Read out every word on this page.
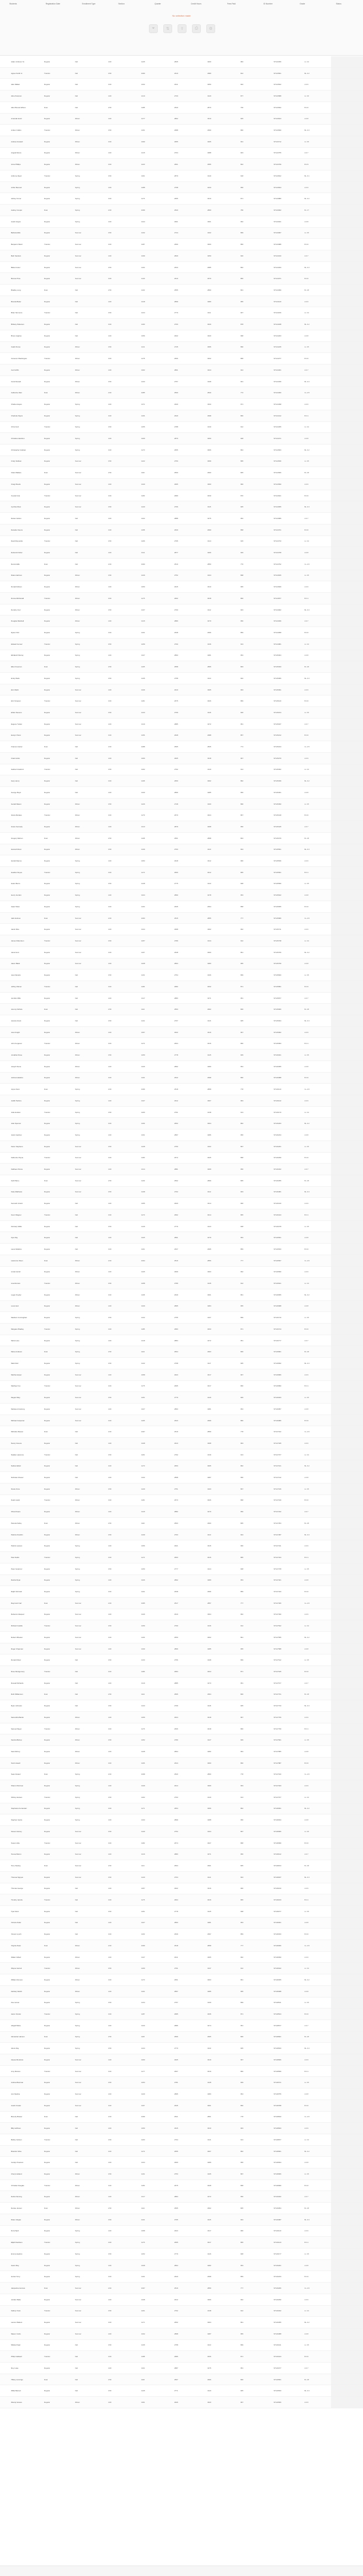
Students	Registration Date	Enrollment Type	Section	Quarter	Credit Hours	Fees Paid	ID Number	Grade	Status
No selection made
⏷	⇅	⇪	⎙	⚙
Adam Johnson Sr.	Regular	Fall	4.00	1245	2845	3200	984	ST123456	A- 3.4
Agnes Smith Jr.	Transfer	Fall	3.50	1090	2610	2980	812	ST123501	B+ 3.2
Alan Walker	Regular	Fall	3.00	1332	2911	3050	902	ST123522	A 3.9
Alice Peterson	Regular	Fall	4.00	1410	2733	3120	877	ST123588	A- 3.6
Allen Brooks Wilson	Dual	Fall	2.50	1188	2540	2870	790	ST123602	B 3.0
Amanda Grant	Regular	Winter	4.00	1277	2802	3310	945	ST123644	A 3.8
Amber Collins	Transfer	Winter	3.50	1154	2688	2990	866	ST123690	B+ 3.3
Andrew Howard	Regular	Winter	3.00	1390	2955	3205	931	ST123712	A- 3.5
Angela Moore	Regular	Winter	4.00	1215	2764	3088	903	ST123755	A 3.7
Anna Phillips	Regular	Winter	3.00	1120	2601	2955	842	ST123799	B 2.9
Anthony Reed	Transfer	Spring	3.50	1301	2870	3140	918	ST123812	B+ 3.1
Arthur Bennett	Regular	Spring	4.00	1288	2798	3233	950	ST123844	A 3.9
Ashley Turner	Regular	Spring	3.00	1176	2655	3010	871	ST123880	B+ 3.2
Audrey Cooper	Dual	Spring	2.00	1099	2520	2860	780	ST123902	B- 2.7
Austin Hayes	Regular	Spring	4.00	1344	2901	3301	962	ST123941	A 3.8
Barbara Ellis	Regular	Summer	3.50	1232	2744	3102	899	ST123967	A- 3.5
Benjamin Ward	Transfer	Summer	3.00	1187	2690	3000	856	ST123988	B 3.0
Beth Sanders	Regular	Summer	4.00	1299	2840	3250	940	ST124010	A 3.7
Blake Foster	Regular	Summer	3.50	1160	2633	2985	862	ST124033	B+ 3.3
Bonnie Price	Regular	Summer	3.00	1140	2610	2970	850	ST124071	B 3.0
Bradley Long	Dual	Fall	2.50	1102	2555	2890	801	ST124099	B- 2.8
Brenda Butler	Regular	Fall	4.00	1318	2899	3280	955	ST124120	A 3.9
Brian Simmons	Transfer	Fall	3.50	1244	2770	3111	907	ST124156	A- 3.4
Brittany Patterson	Regular	Fall	3.00	1190	2700	3040	878	ST124188	B+ 3.2
Bruce Hughes	Regular	Fall	4.00	1356	2922	3320	968	ST124203	A 3.8
Caleb Flores	Regular	Winter	3.50	1211	2745	3095	890	ST124245	A- 3.5
Cameron Washington	Transfer	Winter	3.00	1178	2666	3022	868	ST124277	B 3.0
Carl Griffin	Regular	Winter	4.00	1302	2861	3244	944	ST124301	A 3.7
Carol Russell	Regular	Winter	3.50	1233	2757	3108	901	ST124339	B+ 3.3
Catherine Diaz	Dual	Winter	2.00	1085	2500	2840	772	ST124360	C+ 2.5
Charles Hayes	Regular	Spring	4.00	1371	2940	3333	971	ST124398	A 3.9
Charlotte Myers	Regular	Spring	3.00	1166	2640	2998	860	ST124412	B 3.1
Chris Ford	Transfer	Spring	3.50	1255	2788	3130	912	ST124455	A- 3.4
Christina Hamilton	Regular	Spring	4.00	1309	2870	3260	948	ST124471	A 3.8
Christopher Graham	Regular	Spring	3.00	1170	2655	3006	864	ST124503	B+ 3.2
Cindy Sullivan	Regular	Summer	3.50	1222	2750	3099	895	ST124536	A- 3.5
Clara Wallace	Dual	Summer	2.50	1110	2560	2900	805	ST124566	B- 2.8
Craig Woods	Regular	Summer	4.00	1340	2905	3300	960	ST124590	A 3.9
Crystal Cole	Transfer	Summer	3.00	1183	2680	3030	870	ST124621	B 3.0
Cynthia West	Regular	Summer	3.50	1240	2766	3115	905	ST124655	B+ 3.3
Daniel Jordan	Regular	Fall	4.00	1322	2888	3275	952	ST124689	A 3.7
Danielle Owens	Regular	Fall	3.00	1158	2630	2990	858	ST124701	B 3.0
David Reynolds	Transfer	Fall	3.50	1266	2795	3144	915	ST124733	A- 3.4
Deborah Fisher	Regular	Fall	4.00	1311	2877	3266	949	ST124768	A 3.8
Dennis Ellis	Dual	Fall	2.00	1090	2510	2850	776	ST124792	C+ 2.6
Diana Harrison	Regular	Winter	3.50	1229	2752	3104	898	ST124815	A- 3.5
Donald Gibson	Regular	Winter	4.00	1350	2915	3310	965	ST124849	A 3.9
Donna McDonald	Transfer	Winter	3.00	1175	2662	3018	866	ST124877	B 3.1
Dorothy Cruz	Regular	Winter	3.50	1237	2760	3112	903	ST124902	B+ 3.3
Douglas Marshall	Regular	Winter	4.00	1315	2880	3270	950	ST124936	A 3.7
Dylan Ortiz	Regular	Spring	3.00	1162	2638	2996	859	ST124958	B 3.0
Edward Gomez	Transfer	Spring	3.50	1259	2790	3136	913	ST124981	A- 3.4
Elizabeth Murray	Regular	Spring	4.00	1327	2893	3281	954	ST125004	A 3.8
Ellen Freeman	Dual	Spring	2.50	1105	2558	2895	803	ST125033	B- 2.8
Emily Wells	Regular	Spring	3.50	1235	2758	3110	902	ST125066	B+ 3.3
Eric Webb	Regular	Summer	4.00	1346	2910	3305	963	ST125091	A 3.9
Erin Simpson	Transfer	Summer	3.00	1181	2675	3026	869	ST125120	B 3.0
Ethan Stevens	Regular	Summer	3.50	1243	2769	3118	906	ST125154	A- 3.5
Eugene Tucker	Regular	Summer	4.00	1319	2885	3272	951	ST125187	A 3.7
Evelyn Porter	Regular	Summer	3.00	1156	2628	2988	857	ST125212	B 3.0
Frances Hunter	Dual	Fall	2.00	1088	2505	2845	774	ST125244	C+ 2.5
Frank Hicks	Regular	Fall	4.00	1360	2925	3318	967	ST125270	A 3.9
Gabriel Crawford	Transfer	Fall	3.50	1262	2792	3140	914	ST125302	A- 3.4
Gary Henry	Regular	Fall	3.00	1168	2650	3002	862	ST125339	B+ 3.2
George Boyd	Regular	Fall	4.00	1330	2896	3285	956	ST125361	A 3.8
Gerald Mason	Regular	Winter	3.50	1226	2748	3100	896	ST125390	A- 3.5
Gloria Morales	Transfer	Winter	3.00	1179	2670	3024	867	ST125418	B 3.0
Grace Kennedy	Regular	Winter	4.00	1313	2879	3268	950	ST125445	A 3.7
Gregory Warren	Dual	Winter	2.50	1108	2561	2898	804	ST125479	B- 2.8
Hannah Dixon	Regular	Winter	3.50	1239	2763	3113	904	ST125501	B+ 3.3
Harold Ramos	Regular	Spring	4.00	1353	2918	3312	966	ST125536	A 3.9
Heather Reyes	Transfer	Spring	3.00	1172	2660	3012	865	ST125561	B 3.1
Helen Burns	Regular	Spring	3.50	1248	2775	3122	908	ST125590	A- 3.5
Henry Gordon	Regular	Spring	4.00	1324	2890	3278	953	ST125622	A 3.8
Isaac Shaw	Regular	Spring	3.00	1160	2635	2994	858	ST125655	B 3.0
Jack Holmes	Dual	Summer	2.00	1093	2515	2855	777	ST125680	C+ 2.6
Jacob Rice	Regular	Summer	4.00	1344	2908	3302	962	ST125711	A 3.9
James Robertson	Transfer	Summer	3.50	1257	2789	3134	912	ST125738	A- 3.4
Janet Hunt	Regular	Summer	3.00	1167	2648	3000	861	ST125766	B+ 3.2
Jason Black	Regular	Summer	4.00	1328	2894	3283	955	ST125799	A 3.8
Jean Daniels	Regular	Fall	3.50	1231	2754	3106	899	ST125820	A- 3.5
Jeffrey Palmer	Transfer	Fall	3.00	1184	2682	3032	871	ST125851	B 3.0
Jennifer Mills	Regular	Fall	4.00	1317	2883	3271	951	ST125877	A 3.7
Jeremy Nichols	Dual	Fall	2.50	1112	2563	2902	806	ST125906	B- 2.8
Jessica Grant	Regular	Fall	3.50	1241	2767	3116	905	ST125934	B+ 3.3
Joan Knight	Regular	Winter	4.00	1357	2922	3316	967	ST125962	A 3.9
John Ferguson	Transfer	Winter	3.00	1174	2664	3016	866	ST125993	B 3.1
Jonathan Rose	Regular	Winter	3.50	1250	2778	3125	909	ST126021	A- 3.5
Joseph Stone	Regular	Winter	4.00	1326	2892	3280	954	ST126055	A 3.8
Joshua Hawkins	Regular	Winter	3.00	1164	2642	2998	860	ST126088	B 3.0
Joyce Dunn	Dual	Spring	2.00	1096	2518	2858	778	ST126110	C+ 2.6
Judith Perkins	Regular	Spring	4.00	1347	2912	3307	963	ST126142	A 3.9
Julia Hudson	Transfer	Spring	3.50	1260	2791	3138	913	ST126170	A- 3.4
Julie Spencer	Regular	Spring	3.00	1169	2652	3004	862	ST126203	B+ 3.2
Justin Gardner	Regular	Spring	4.00	1331	2897	3286	956	ST126234	A 3.8
Karen Stephens	Regular	Summer	3.50	1228	2750	3102	897	ST126261	A- 3.5
Katherine Payne	Transfer	Summer	3.00	1180	2672	3025	868	ST126290	B 3.0
Kathleen Pierce	Regular	Summer	4.00	1314	2881	3269	950	ST126322	A 3.7
Keith Berry	Dual	Summer	2.50	1109	2562	2899	805	ST126355	B- 2.8
Kelly Matthews	Regular	Summer	3.50	1238	2762	3112	903	ST126381	B+ 3.3
Kenneth Arnold	Regular	Fall	4.00	1355	2920	3314	966	ST126410	A 3.9
Kevin Wagner	Transfer	Fall	3.00	1173	2662	3014	865	ST126444	B 3.1
Kimberly Willis	Regular	Fall	3.50	1249	2776	3123	908	ST126478	A- 3.5
Kyle Ray	Regular	Fall	4.00	1325	2891	3279	953	ST126501	A 3.8
Laura Watkins	Regular	Fall	3.00	1161	2637	2995	859	ST126533	B 3.0
Lawrence Olson	Dual	Winter	2.00	1094	2516	2856	777	ST126567	C+ 2.6
Linda Carroll	Regular	Winter	4.00	1345	2909	3303	962	ST126590	A 3.9
Lisa Duncan	Transfer	Winter	3.50	1258	2789	3135	912	ST126621	A- 3.4
Logan Snyder	Regular	Winter	3.00	1168	2649	3001	861	ST126655	B+ 3.2
Louis Hart	Regular	Winter	4.00	1329	2895	3284	955	ST126688	A 3.8
Madison Cunningham	Regular	Spring	3.50	1232	2755	3107	899	ST126710	A- 3.5
Margaret Bradley	Transfer	Spring	3.00	1185	2683	3033	871	ST126744	B 3.0
Maria Lane	Regular	Spring	4.00	1318	2884	3272	951	ST126777	A 3.7
Marie Andrews	Dual	Spring	2.50	1113	2564	2903	806	ST126801	B- 2.8
Mark Ruiz	Regular	Spring	3.50	1242	2768	3117	905	ST126832	B+ 3.3
Martha Harper	Regular	Summer	4.00	1358	2923	3317	967	ST126866	A 3.9
Matthew Fox	Transfer	Summer	3.00	1175	2665	3017	866	ST126890	B 3.1
Megan Riley	Regular	Summer	3.50	1251	2779	3126	909	ST126923	A- 3.5
Melissa Armstrong	Regular	Summer	4.00	1327	2893	3281	954	ST126957	A 3.8
Michael Carpenter	Regular	Summer	3.00	1165	2643	2999	860	ST126980	B 3.0
Michelle Weaver	Dual	Fall	2.00	1097	2519	2859	778	ST127012	C+ 2.6
Nancy Greene	Regular	Fall	4.00	1348	2913	3308	963	ST127045	A 3.9
Natalie Lawrence	Transfer	Fall	3.50	1261	2792	3139	913	ST127077	A- 3.4
Nathan Elliott	Regular	Fall	3.00	1170	2653	3005	862	ST127101	B+ 3.2
Nicholas Chavez	Regular	Fall	4.00	1332	2898	3287	956	ST127132	A 3.8
Nicole Sims	Regular	Winter	3.50	1229	2751	3103	897	ST127166	A- 3.5
Noah Austin	Transfer	Winter	3.00	1181	2673	3026	868	ST127199	B 3.0
Olivia Peters	Regular	Winter	4.00	1315	2882	3270	950	ST127222	A 3.7
Pamela Kelley	Dual	Winter	2.50	1110	2563	2900	805	ST127254	B- 2.8
Patricia Franklin	Regular	Winter	3.50	1239	2763	3113	904	ST127287	B+ 3.3
Patrick Lawson	Regular	Spring	4.00	1356	2921	3315	966	ST127311	A 3.9
Paul Fields	Transfer	Spring	3.00	1174	2663	3015	865	ST127344	B 3.1
Peter Gutierrez	Regular	Spring	3.50	1250	2777	3124	908	ST127378	A- 3.5
Rachel Ryan	Regular	Spring	4.00	1326	2892	3280	953	ST127401	A 3.8
Ralph Schmidt	Regular	Spring	3.00	1162	2638	2996	859	ST127433	B 3.0
Raymond Carr	Dual	Summer	2.00	1095	2517	2857	777	ST127466	C+ 2.6
Rebecca Vasquez	Regular	Summer	4.00	1346	2910	3304	962	ST127490	A 3.9
Richard Castillo	Transfer	Summer	3.50	1259	2790	3136	912	ST127522	A- 3.4
Robert Wheeler	Regular	Summer	3.00	1169	2650	3002	861	ST127555	B+ 3.2
Roger Chapman	Regular	Summer	4.00	1330	2896	3285	955	ST127588	A 3.8
Ronald Oliver	Regular	Fall	3.50	1233	2756	3108	899	ST127612	A- 3.5
Rose Montgomery	Transfer	Fall	3.00	1186	2684	3034	871	ST127645	B 3.0
Russell Richards	Regular	Fall	4.00	1319	2885	3273	951	ST127677	A 3.7
Ruth Williamson	Dual	Fall	2.50	1114	2565	2904	806	ST127701	B- 2.8
Ryan Johnston	Regular	Fall	3.50	1243	2769	3118	905	ST127733	B+ 3.3
Samantha Banks	Regular	Winter	4.00	1359	2924	3318	967	ST127766	A 3.9
Samuel Meyer	Transfer	Winter	3.00	1176	2666	3018	866	ST127799	B 3.1
Sandra Bishop	Regular	Winter	3.50	1252	2780	3127	909	ST127821	A- 3.5
Sara McCoy	Regular	Winter	4.00	1328	2894	3282	954	ST127855	A 3.8
Scott Howell	Regular	Winter	3.00	1166	2644	3000	860	ST127887	B 3.0
Sean Alvarez	Dual	Spring	2.00	1098	2520	2860	778	ST127910	C+ 2.6
Sharon Morrison	Regular	Spring	4.00	1349	2914	3309	963	ST127943	A 3.9
Shirley Hansen	Transfer	Spring	3.50	1262	2793	3140	913	ST127977	A- 3.4
Stephanie Fernandez	Regular	Spring	3.00	1171	2654	3006	862	ST128001	B+ 3.2
Stephen Garza	Regular	Spring	4.00	1333	2899	3288	956	ST128034	A 3.8
Steven Harvey	Regular	Summer	3.50	1230	2752	3104	897	ST128066	A- 3.5
Susan Little	Transfer	Summer	3.00	1182	2674	3027	868	ST128099	B 3.0
Teresa Burton	Regular	Summer	4.00	1316	2883	3271	950	ST128122	A 3.7
Terry Stanley	Dual	Summer	2.50	1111	2564	2901	805	ST128154	B- 2.8
Theresa Nguyen	Regular	Summer	3.50	1240	2764	3114	904	ST128187	B+ 3.3
Thomas George	Regular	Fall	4.00	1357	2922	3316	966	ST128210	A 3.9
Timothy Jacobs	Transfer	Fall	3.00	1175	2664	3016	865	ST128243	B 3.1
Tyler Reid	Regular	Fall	3.50	1251	2778	3125	908	ST128277	A- 3.5
Victoria Fuller	Regular	Fall	4.00	1327	2893	3281	953	ST128301	A 3.8
Vincent Lynch	Regular	Fall	3.00	1163	2639	2997	859	ST128333	B 3.0
Virginia Dean	Dual	Winter	2.00	1096	2518	2858	777	ST128366	C+ 2.6
Walter Gilbert	Regular	Winter	4.00	1347	2911	3305	962	ST128390	A 3.9
Wayne Garrett	Transfer	Winter	3.50	1260	2791	3137	912	ST128422	A- 3.4
William Romero	Regular	Winter	3.00	1170	2651	3003	861	ST128455	B+ 3.2
Zachary Welch	Regular	Winter	4.00	1331	2897	3286	955	ST128488	A 3.8
Zoe Larson	Regular	Spring	3.50	1234	2757	3109	899	ST128511	A- 3.5
Aaron Frazier	Transfer	Spring	3.00	1187	2685	3035	871	ST128544	B 3.0
Abigail Burke	Regular	Spring	4.00	1320	2886	3274	951	ST128577	A 3.7
Alexander Hanson	Dual	Spring	2.50	1115	2566	2905	806	ST128601	B- 2.8
Alexis Day	Regular	Spring	3.50	1244	2770	3119	905	ST128633	B+ 3.3
Alyssa Mendoza	Regular	Summer	4.00	1360	2925	3319	967	ST128666	A 3.9
Amy Moreno	Transfer	Summer	3.00	1177	2667	3019	866	ST128699	B 3.1
Andrea Bowman	Regular	Summer	3.50	1253	2781	3128	909	ST128721	A- 3.5
Ann Medina	Regular	Summer	4.00	1329	2895	3283	954	ST128755	A 3.8
Austin Fowler	Regular	Summer	3.00	1167	2645	3001	860	ST128788	B 3.0
Beverly Brewer	Dual	Fall	2.00	1099	2521	2861	778	ST128810	C+ 2.6
Billy Hoffman	Regular	Fall	4.00	1350	2915	3310	963	ST128843	A 3.9
Bobby Carlson	Transfer	Fall	3.50	1263	2794	3141	913	ST128877	A- 3.4
Brandon Silva	Regular	Fall	3.00	1172	2655	3007	862	ST128901	B+ 3.2
Carolyn Pearson	Regular	Fall	4.00	1334	2900	3289	956	ST128934	A 3.8
Cheryl Holland	Regular	Winter	3.50	1231	2753	3105	897	ST128966	A- 3.5
Christian Douglas	Transfer	Winter	3.00	1183	2675	3028	868	ST128999	B 3.0
Debra Fleming	Regular	Winter	4.00	1317	2884	3272	950	ST129022	A 3.7
Denise Jensen	Dual	Winter	2.50	1112	2565	2902	805	ST129054	B- 2.8
Diane Vargas	Regular	Winter	3.50	1241	2765	3115	904	ST129087	B+ 3.3
Doris Byrd	Regular	Spring	4.00	1358	2923	3317	966	ST129110	A 3.9
Elijah Davidson	Transfer	Spring	3.00	1176	2665	3017	865	ST129143	B 3.1
Emma Hopkins	Regular	Spring	3.50	1252	2779	3126	908	ST129177	A- 3.5
Gavin May	Regular	Spring	4.00	1328	2894	3282	953	ST129201	A 3.8
Hunter Terry	Regular	Spring	3.00	1164	2640	2998	859	ST129233	B 3.0
Jacqueline Herrera	Dual	Summer	2.00	1097	2519	2859	777	ST129266	C+ 2.6
Jordan Wade	Regular	Summer	4.00	1348	2912	3306	962	ST129290	A 3.9
Kathryn Soto	Transfer	Summer	3.50	1261	2792	3138	912	ST129322	A- 3.4
Lauren Walters	Regular	Summer	3.00	1171	2652	3004	861	ST129355	B+ 3.2
Mason Curtis	Regular	Summer	4.00	1332	2898	3287	955	ST129388	A 3.8
Mildred Neal	Regular	Fall	3.50	1235	2758	3110	899	ST129411	A- 3.5
Philip Caldwell	Transfer	Fall	3.00	1188	2686	3036	871	ST129444	B 3.0
Roy Lowe	Regular	Fall	4.00	1321	2887	3275	951	ST129477	A 3.7
Tiffany Jennings	Dual	Fall	2.50	1116	2567	2906	806	ST129501	B- 2.8
Willie Barnett	Regular	Fall	3.50	1245	2771	3120	905	ST129533	B+ 3.3
Wendy Graves	Regular	Winter	4.00	1361	2926	3320	967	ST129566	A 3.9
